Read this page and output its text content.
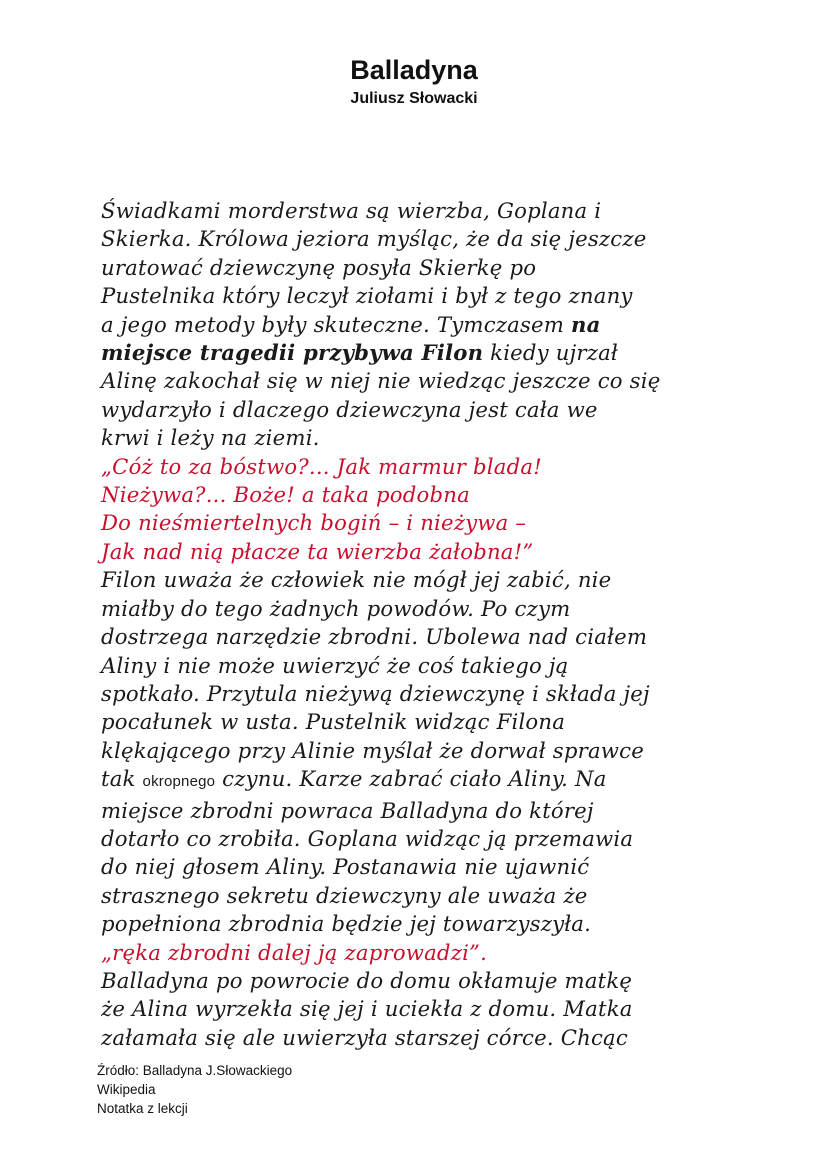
Balladyna
Juliusz Słowacki
Świadkami morderstwa są wierzba, Goplana i
Skierka. Królowa jeziora myśląc, że da się jeszcze
uratować dziewczynę posyła Skierkę po
Pustelnika który leczył ziołami i był z tego znany
a jego metody były skuteczne. Tymczasem na
miejsce tragedii przybywa Filon kiedy ujrzał
Alinę zakochał się w niej nie wiedząc jeszcze co się
wydarzyło i dlaczego dziewczyna jest cała we
krwi i leży na ziemi.
„Cóż to za bóstwo?... Jak marmur blada!
Nieżywa?... Boże! a taka podobna
Do nieśmiertelnych bogiń – i nieżywa –
Jak nad nią płacze ta wierzba żałobna!”
Filon uważa że człowiek nie mógł jej zabić, nie
miałby do tego żadnych powodów. Po czym
dostrzega narzędzie zbrodni. Ubolewa nad ciałem
Aliny i nie może uwierzyć że coś takiego ją
spotkało. Przytula nieżywą dziewczynę i składa jej
pocałunek w usta. Pustelnik widząc Filona
klękającego przy Alinie myślał że dorwał sprawce
tak okropnego czynu. Karze zabrać ciało Aliny. Na
miejsce zbrodni powraca Balladyna do której
dotarło co zrobiła. Goplana widząc ją przemawia
do niej głosem Aliny. Postanawia nie ujawnić
strasznego sekretu dziewczyny ale uważa że
popełniona zbrodnia będzie jej towarzyszyła.
„ręka zbrodni dalej ją zaprowadzi”.
Balladyna po powrocie do domu okłamuje matkę
że Alina wyrzekła się jej i uciekła z domu. Matka
załamała się ale uwierzyła starszej córce. Chcąc
Źródło: Balladyna J.Słowackiego
Wikipedia
Notatka z lekcji
